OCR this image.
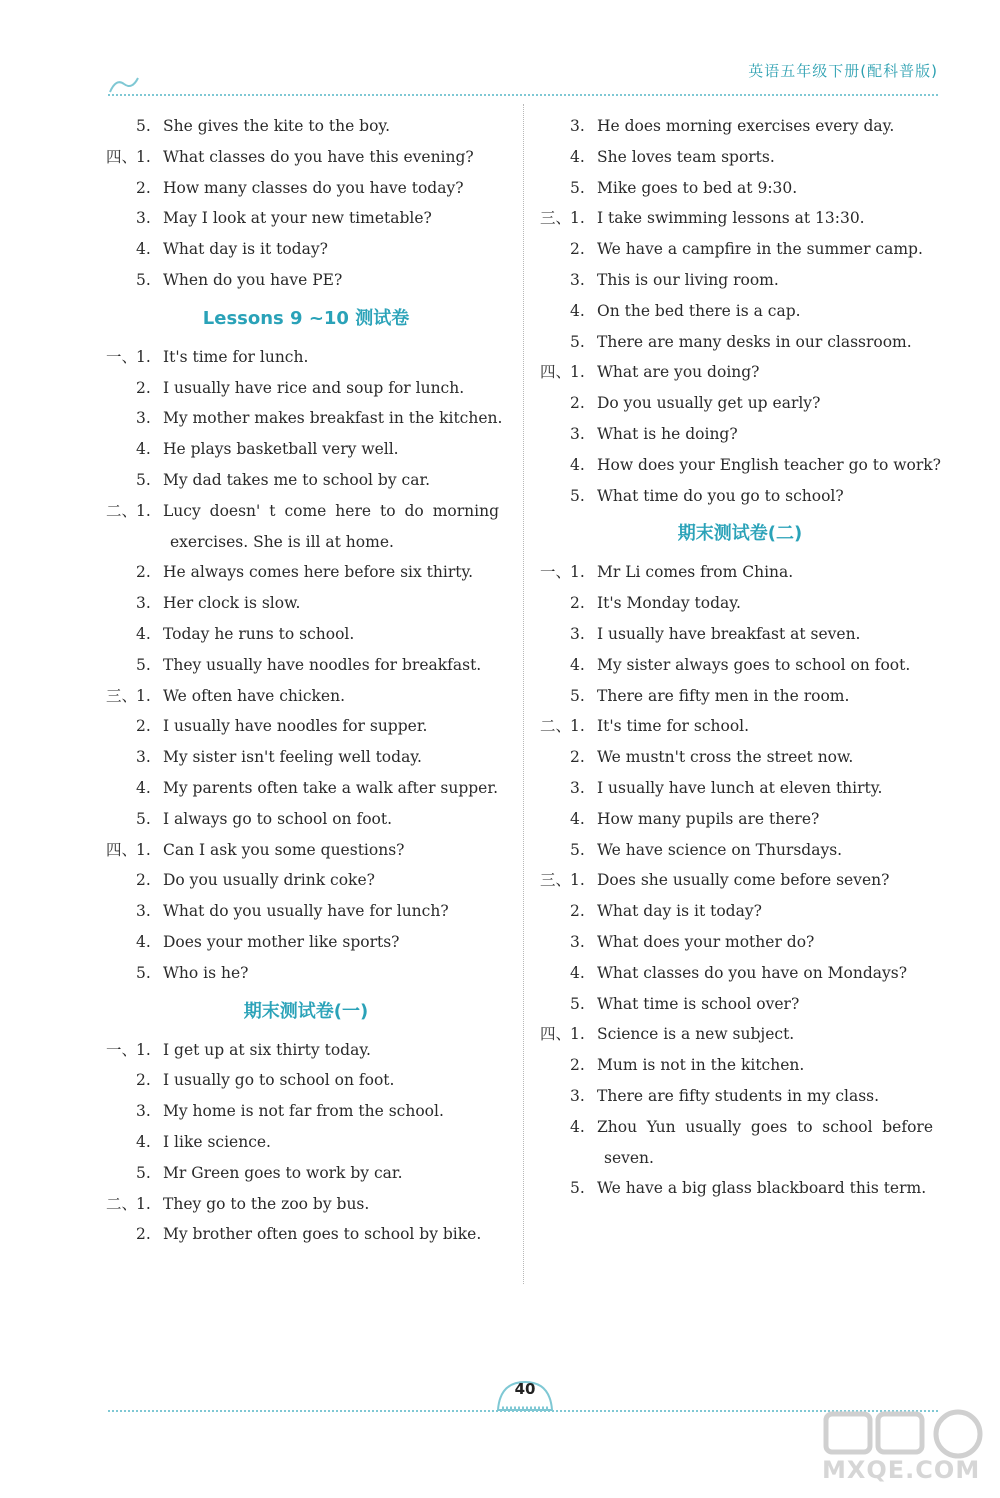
英语五年级下册(配科普版)
5. She gives the kite to the boy.
四、
1. What classes do you have this evening?
2. How many classes do you have today?
3. May I look at your new timetable?
4. What day is it today?
5. When do you have PE?
Lessons 9 ~10 测试卷
一、
1. It's time for lunch.
2. I usually have rice and soup for lunch.
3. My mother makes breakfast in the kitchen.
4. He plays basketball very well.
5. My dad takes me to school by car.
二、
1. Lucy doesn' t come here to do morning
exercises. She is ill at home.
2. He always comes here before six thirty.
3. Her clock is slow.
4. Today he runs to school.
5. They usually have noodles for breakfast.
三、
1. We often have chicken.
2. I usually have noodles for supper.
3. My sister isn't feeling well today.
4. My parents often take a walk after supper.
5. I always go to school on foot.
四、
1. Can I ask you some questions?
2. Do you usually drink coke?
3. What do you usually have for lunch?
4. Does your mother like sports?
5. Who is he?
期末测试卷(一)
一、
1. I get up at six thirty today.
2. I usually go to school on foot.
3. My home is not far from the school.
4. I like science.
5. Mr Green goes to work by car.
二、
1. They go to the zoo by bus.
2. My brother often goes to school by bike.
3. He does morning exercises every day.
4. She loves team sports.
5. Mike goes to bed at 9:30.
三、
1. I take swimming lessons at 13:30.
2. We have a campfire in the summer camp.
3. This is our living room.
4. On the bed there is a cap.
5. There are many desks in our classroom.
四、
1. What are you doing?
2. Do you usually get up early?
3. What is he doing?
4. How does your English teacher go to work?
5. What time do you go to school?
期末测试卷(二)
一、
1. Mr Li comes from China.
2. It's Monday today.
3. I usually have breakfast at seven.
4. My sister always goes to school on foot.
5. There are fifty men in the room.
二、
1. It's time for school.
2. We mustn't cross the street now.
3. I usually have lunch at eleven thirty.
4. How many pupils are there?
5. We have science on Thursdays.
三、
1. Does she usually come before seven?
2. What day is it today?
3. What does your mother do?
4. What classes do you have on Mondays?
5. What time is school over?
四、
1. Science is a new subject.
2. Mum is not in the kitchen.
3. There are fifty students in my class.
4. Zhou Yun usually goes to school before
seven.
5. We have a big glass blackboard this term.
40
MXQE.COM
